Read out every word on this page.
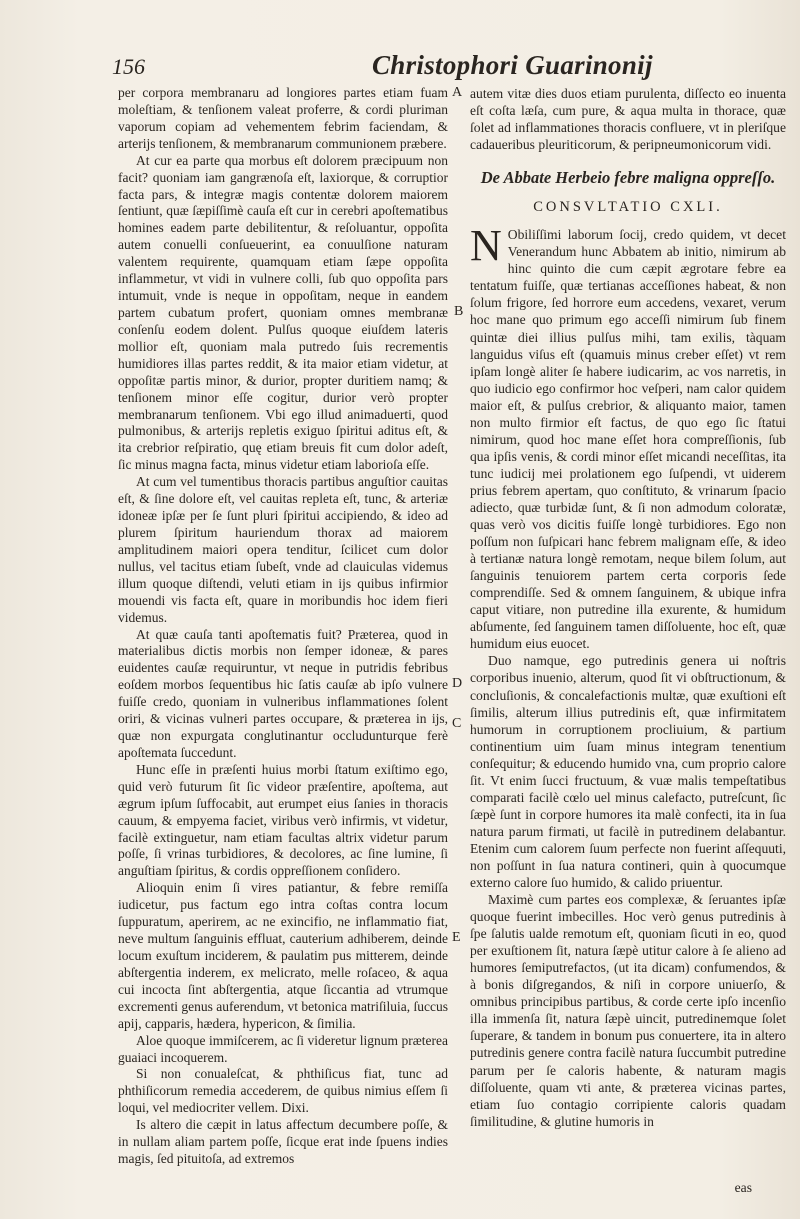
156	Christophori Guarinonij
A
B
D
C
E

per corpora membranaru ad longiores partes etiam fuam moleſtiam, & tenſionem valeat proferre, & cordi pluriman vaporum copiam ad vehementem febrim faciendam, & arterijs tenſionem, & membranarum communionem præbere.

At cur ea parte qua morbus eſt dolorem præcipuum non facit? quoniam iam gangrænoſa eſt, laxiorque, & corruptior facta pars, & integræ magis contentæ dolorem maiorem ſentiunt, quæ ſæpiſſimè cauſa eſt cur in cerebri apoſtematibus homines eadem parte debilitentur, & reſoluantur, oppoſita autem conuelli conſueuerint, ea conuulſione naturam valentem requirente, quamquam etiam ſæpe oppoſita inflammetur, vt vidi in vulnere colli, ſub quo oppoſita pars intumuit, vnde is neque in oppoſitam, neque in eandem partem cubatum profert, quoniam omnes membranæ conſenſu eodem dolent. Pulſus quoque eiuſdem lateris mollior eſt, quoniam mala putredo ſuis recrementis humidiores illas partes reddit, & ita maior etiam videtur, at oppoſitæ partis minor, & durior, propter duritiem namq; & tenſionem minor eſſe cogitur, durior verò propter membranarum tenſionem. Vbi ego illud animaduerti, quod pulmonibus, & arterijs repletis exiguo ſpiritui aditus eſt, & ita crebrior reſpiratio, quę etiam breuis fit cum dolor adeſt, ſic minus magna facta, minus videtur etiam laborioſa eſſe.

At cum vel tumentibus thoracis partibus anguſtior cauitas eſt, & ſine dolore eſt, vel cauitas repleta eſt, tunc, & arteriæ idoneæ ipſæ per ſe ſunt pluri ſpiritui accipiendo, & ideo ad plurem ſpiritum hauriendum thorax ad maiorem amplitudinem maiori opera tenditur, ſcilicet cum dolor nullus, vel tacitus etiam ſubeſt, vnde ad clauiculas videmus illum quoque diſtendi, veluti etiam in ijs quibus infirmior mouendi vis facta eſt, quare in moribundis hoc idem fieri videmus.

At quæ cauſa tanti apoſtematis fuit? Præterea, quod in materialibus dictis morbis non ſemper idoneæ, & pares euidentes cauſæ requiruntur, vt neque in putridis febribus eoſdem morbos ſequentibus hic ſatis cauſæ ab ipſo vulnere fuiſſe credo, quoniam in vulneribus inflammationes ſolent oriri, & vicinas vulneri partes occupare, & præterea in ijs, quæ non expurgata conglutinantur occludunturque ferè apoſtemata ſuccedunt.

Hunc eſſe in præſenti huius morbi ſtatum exiſtimo ego, quid verò futurum ſit ſic videor præſentire, apoſtema, aut ægrum ipſum ſuffocabit, aut erumpet eius ſanies in thoracis cauum, & empyema faciet, viribus verò infirmis, vt videtur, facilè extinguetur, nam etiam facultas altrix videtur parum poſſe, ſi vrinas turbidiores, & decolores, ac ſine lumine, ſi anguſtiam ſpiritus, & cordis oppreſſionem conſidero.

Alioquin enim ſi vires patiantur, & febre remiſſa iudicetur, pus factum ego intra coſtas contra locum ſuppuratum, aperirem, ac ne exincifio, ne inflammatio fiat, neve multum ſanguinis effluat, cauterium adhiberem, deinde locum exuſtum inciderem, & paulatim pus mitterem, deinde abſtergentia inderem, ex melicrato, melle roſaceo, & aqua cui incocta ſint abſtergentia, atque ſiccantia ad vtrumque excrementi genus auferendum, vt betonica matriſiluia, ſuccus apij, capparis, hædera, hypericon, & ſimilia.

Aloe quoque immiſcerem, ac ſi videretur lignum præterea guaiaci incoquerem.

Si non conualeſcat, & phthiſicus fiat, tunc ad phthiſicorum remedia accederem, de quibus nimius eſſem ſi loqui, vel mediocriter vellem. Dixi.

Is altero die cæpit in latus affectum decumbere poſſe, & in nullam aliam partem poſſe, ſicque erat inde ſpuens indies magis, ſed pituitoſa, ad extremos

autem vitæ dies duos etiam purulenta, diſſecto eo inuenta eſt coſta læſa, cum pure, & aqua multa in thorace, quæ ſolet ad inflammationes thoracis confluere, vt in pleriſque cadaueribus pleuriticorum, & peripneumonicorum vidi.

De Abbate Herbeio febre maligna oppreſſo.
CONSVLTATIO CXLI.

N Obiliſſimi laborum ſocij, credo quidem, vt decet Venerandum hunc Abbatem ab initio, nimirum ab hinc quinto die cum cæpit ægrotare febre ea tentatum fuiſſe, quæ tertianas acceſſiones habeat, & non ſolum frigore, ſed horrore eum accedens, vexaret, verum hoc mane quo primum ego acceſſi nimirum ſub finem quintæ diei illius pulſus mihi, tam exilis, tàquam languidus viſus eſt (quamuis minus creber eſſet) vt rem ipſam longè aliter ſe habere iudicarim, ac vos narretis, in quo iudicio ego confirmor hoc veſperi, nam calor quidem maior eſt, & pulſus crebrior, & aliquanto maior, tamen non multo firmior eſt factus, de quo ego ſic ſtatui nimirum, quod hoc mane eſſet hora compreſſionis, ſub qua ipſis venis, & cordi minor eſſet micandi neceſſitas, ita tunc iudicij mei prolationem ego ſuſpendi, vt uiderem prius febrem apertam, quo conſtituto, & vrinarum ſpacio adiecto, quæ turbidæ ſunt, & ſi non admodum coloratæ, quas verò vos dicitis fuiſſe longè turbidiores. Ego non poſſum non ſuſpicari hanc febrem malignam eſſe, & ideo à tertianæ natura longè remotam, neque bilem ſolum, aut ſanguinis tenuiorem partem certa corporis ſede comprendiſſe. Sed & omnem ſanguinem, & ubique infra caput vitiare, non putredine illa exurente, & humidum abſumente, ſed ſanguinem tamen diſſoluente, hoc eſt, quæ humidum eius euocet.

Duo namque, ego putredinis genera ui noſtris corporibus inuenio, alterum, quod ſit vi obſtructionum, & concluſionis, & concalefactionis multæ, quæ exuſtioni eſt ſimilis, alterum illius putredinis eſt, quæ infirmitatem humorum in corruptionem procliuium, & partium continentium uim ſuam minus integram tenentium conſequitur; & educendo humido vna, cum proprio calore ſit. Vt enim ſucci fructuum, & vuæ malis tempeſtatibus comparati facilè cœlo uel minus calefacto, putreſcunt, ſic ſæpè ſunt in corpore humores ita malè confecti, ita in ſua natura parum firmati, ut facilè in putredinem delabantur. Etenim cum calorem ſuum perfecte non fuerint aſſequuti, non poſſunt in ſua natura contineri, quin à quocumque externo calore ſuo humido, & calido priuentur.

Maximè cum partes eos complexæ, & ſeruantes ipſæ quoque fuerint imbecilles. Hoc verò genus putredinis à ſpe ſalutis ualde remotum eſt, quoniam ſicuti in eo, quod per exuſtionem ſit, natura ſæpè utitur calore à ſe alieno ad humores ſemiputrefactos, (ut ita dicam) confumendos, & à bonis diſgregandos, & niſi in corpore uniuerſo, & omnibus principibus partibus, & corde certe ipſo incenſio illa immenſa ſit, natura ſæpè uincit, putredinemque ſolet ſuperare, & tandem in bonum pus conuertere, ita in altero putredinis genere contra facilè natura ſuccumbit putredine parum per ſe caloris habente, & naturam magis diſſoluente, quam vti ante, & præterea vicinas partes, etiam ſuo contagio corripiente caloris quadam ſimilitudine, & glutine humoris in

eas
